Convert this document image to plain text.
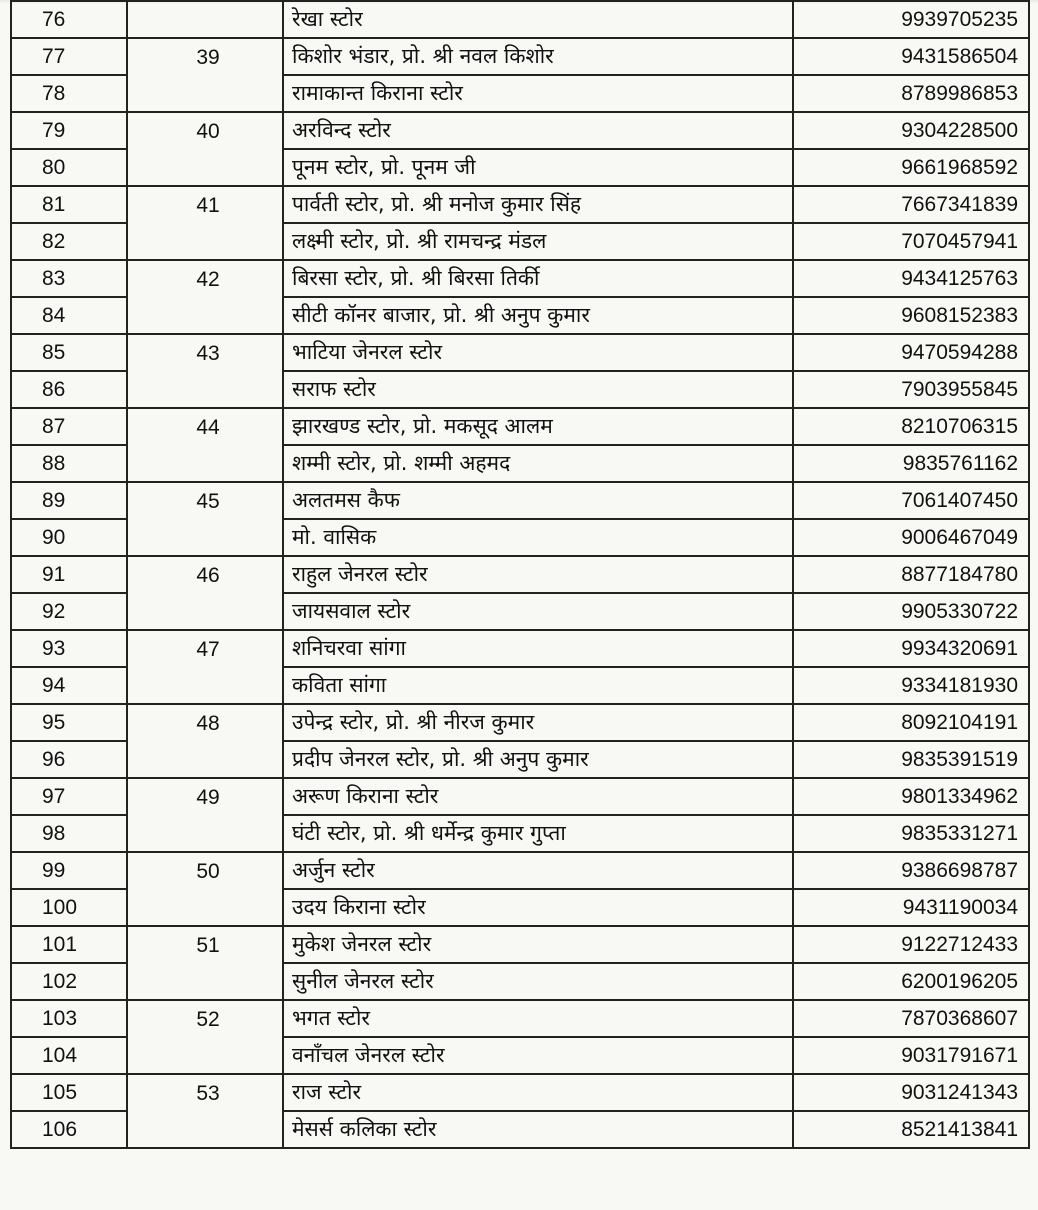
76		रेखा स्टोर	9939705235
77	39	किशोर भंडार, प्रो. श्री नवल किशोर	9431586504
78		रामाकान्त किराना स्टोर	8789986853
79	40	अरविन्द स्टोर	9304228500
80		पूनम स्टोर, प्रो. पूनम जी	9661968592
81	41	पार्वती स्टोर, प्रो. श्री मनोज कुमार सिंह	7667341839
82		लक्ष्मी स्टोर, प्रो. श्री रामचन्द्र मंडल	7070457941
83	42	बिरसा स्टोर, प्रो. श्री बिरसा तिर्की	9434125763
84		सीटी कॉनर बाजार, प्रो. श्री अनुप कुमार	9608152383
85	43	भाटिया जेनरल स्टोर	9470594288
86		सराफ स्टोर	7903955845
87	44	झारखण्ड स्टोर, प्रो. मकसूद आलम	8210706315
88		शम्मी स्टोर, प्रो. शम्मी अहमद	9835761162
89	45	अलतमस कैफ	7061407450
90		मो. वासिक	9006467049
91	46	राहुल जेनरल स्टोर	8877184780
92		जायसवाल स्टोर	9905330722
93	47	शनिचरवा सांगा	9934320691
94		कविता सांगा	9334181930
95	48	उपेन्द्र स्टोर, प्रो. श्री नीरज कुमार	8092104191
96		प्रदीप जेनरल स्टोर, प्रो. श्री अनुप कुमार	9835391519
97	49	अरूण किराना स्टोर	9801334962
98		घंटी स्टोर, प्रो. श्री धर्मेन्द्र कुमार गुप्ता	9835331271
99	50	अर्जुन स्टोर	9386698787
100		उदय किराना स्टोर	9431190034
101	51	मुकेश जेनरल स्टोर	9122712433
102		सुनील जेनरल स्टोर	6200196205
103	52	भगत स्टोर	7870368607
104		वनाँचल जेनरल स्टोर	9031791671
105	53	राज स्टोर	9031241343
106		मेसर्स कलिका स्टोर	8521413841
